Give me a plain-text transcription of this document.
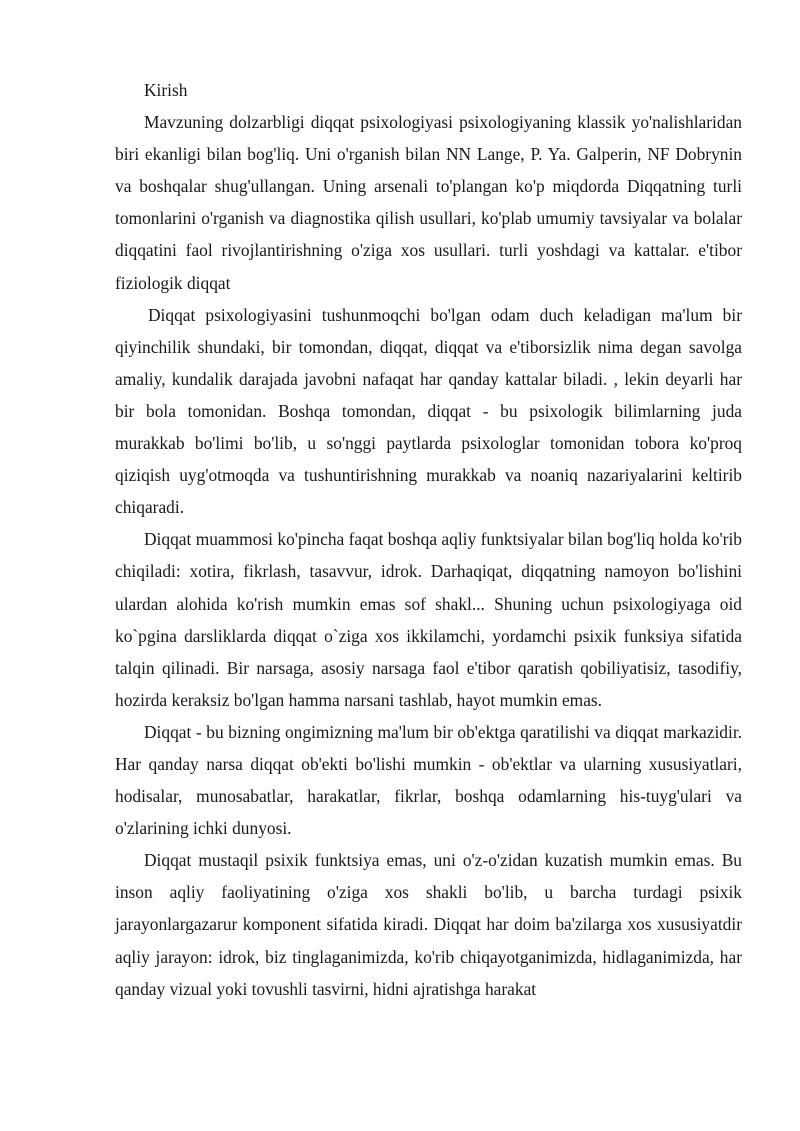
Kirish

Mavzuning dolzarbligi diqqat psixologiyasi psixologiyaning klassik yo'nalishlaridan biri ekanligi bilan bog'liq. Uni o'rganish bilan NN Lange, P. Ya. Galperin, NF Dobrynin va boshqalar shug'ullangan. Uning arsenali to'plangan ko'p miqdorda Diqqatning turli tomonlarini o'rganish va diagnostika qilish usullari, ko'plab umumiy tavsiyalar va bolalar diqqatini faol rivojlantirishning o'ziga xos usullari. turli yoshdagi va kattalar. e'tibor fiziologik diqqat

Diqqat psixologiyasini tushunmoqchi bo'lgan odam duch keladigan ma'lum bir qiyinchilik shundaki, bir tomondan, diqqat, diqqat va e'tiborsizlik nima degan savolga amaliy, kundalik darajada javobni nafaqat har qanday kattalar biladi. , lekin deyarli har bir bola tomonidan. Boshqa tomondan, diqqat - bu psixologik bilimlarning juda murakkab bo'limi bo'lib, u so'nggi paytlarda psixologlar tomonidan tobora ko'proq qiziqish uyg'otmoqda va tushuntirishning murakkab va noaniq nazariyalarini keltirib chiqaradi.

Diqqat muammosi ko'pincha faqat boshqa aqliy funktsiyalar bilan bog'liq holda ko'rib chiqiladi: xotira, fikrlash, tasavvur, idrok. Darhaqiqat, diqqatning namoyon bo'lishini ulardan alohida ko'rish mumkin emas sof shakl... Shuning uchun psixologiyaga oid ko`pgina darsliklarda diqqat o`ziga xos ikkilamchi, yordamchi psixik funksiya sifatida talqin qilinadi. Bir narsaga, asosiy narsaga faol e'tibor qaratish qobiliyatisiz, tasodifiy, hozirda keraksiz bo'lgan hamma narsani tashlab, hayot mumkin emas.

Diqqat - bu bizning ongimizning ma'lum bir ob'ektga qaratilishi va diqqat markazidir. Har qanday narsa diqqat ob'ekti bo'lishi mumkin - ob'ektlar va ularning xususiyatlari, hodisalar, munosabatlar, harakatlar, fikrlar, boshqa odamlarning his-tuyg'ulari va o'zlarining ichki dunyosi.

Diqqat mustaqil psixik funktsiya emas, uni o'z-o'zidan kuzatish mumkin emas. Bu inson aqliy faoliyatining o'ziga xos shakli bo'lib, u barcha turdagi psixik jarayonlargazarur komponent sifatida kiradi. Diqqat har doim ba'zilarga xos xususiyatdir aqliy jarayon: idrok, biz tinglaganimizda, ko'rib chiqayotganimizda, hidlaganimizda, har qanday vizual yoki tovushli tasvirni, hidni ajratishga harakat
